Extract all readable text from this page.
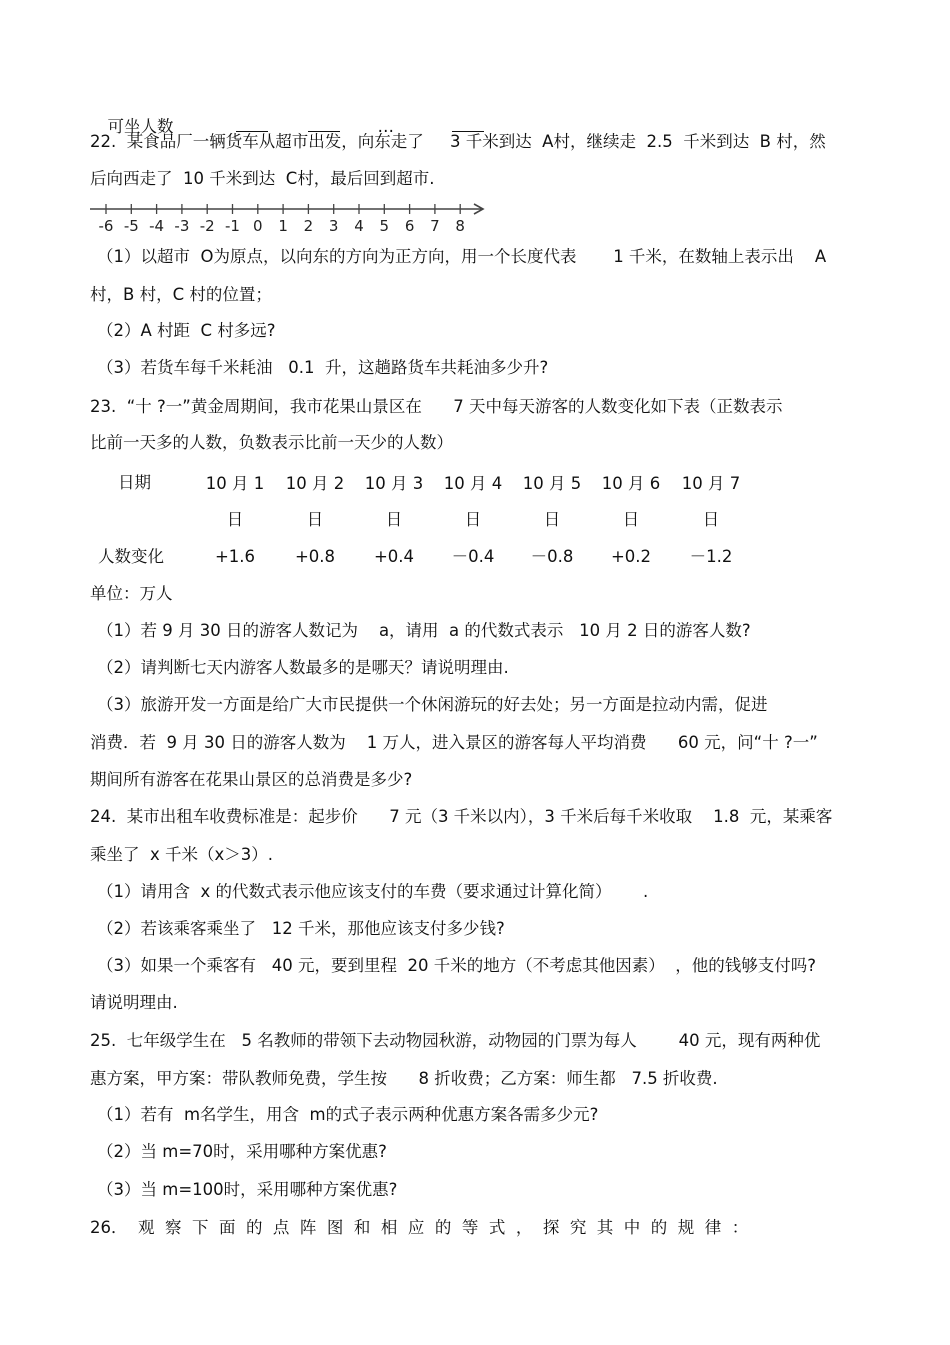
可坐人数	…

22.  某食品厂一辆货车从超市出发，向东走了     3 千米到达  A村，继续走  2.5  千米到达  B 村，然
后向西走了  10 千米到达  C村，最后回到超市.
-6 -5 -4 -3 -2 -1 0 1 2 3 4 5 6 7 8
（1）以超市  O为原点，以向东的方向为正方向，用一个长度代表       1 千米，在数轴上表示出    A
村，B 村，C 村的位置；
（2）A 村距  C 村多远?
（3）若货车每千米耗油   0.1  升，这趟路货车共耗油多少升?
23.  “十 ?一”黄金周期间，我市花果山景区在      7 天中每天游客的人数变化如下表（正数表示
比前一天多的人数，负数表示比前一天少的人数）
日期	10 月 1 10 月 2 10 月 3 10 月 4 10 月 5 10 月 6 10 月 7
日	日	日	日	日	日	日
人数变化	+1.6	+0.8	+0.4	－0.4	－0.8	+0.2	－1.2
单位：万人
（1）若 9 月 30 日的游客人数记为    a，请用  a 的代数式表示   10 月 2 日的游客人数?
（2）请判断七天内游客人数最多的是哪天？请说明理由.
（3）旅游开发一方面是给广大市民提供一个休闲游玩的好去处；另一方面是拉动内需，促进
消费．若  9 月 30 日的游客人数为    1 万人，进入景区的游客每人平均消费      60 元，问“十 ?一”
期间所有游客在花果山景区的总消费是多少?
24.  某市出租车收费标准是：起步价      7 元（3 千米以内），3 千米后每千米收取    1.8  元，某乘客
乘坐了  x 千米（x＞3）.
（1）请用含  x 的代数式表示他应该支付的车费（要求通过计算化简）      .
（2）若该乘客乘坐了   12 千米，那他应该支付多少钱?
（3）如果一个乘客有   40 元，要到里程  20 千米的地方（不考虑其他因素）  ，他的钱够支付吗?
请说明理由.
25.  七年级学生在   5 名教师的带领下去动物园秋游，动物园的门票为每人        40 元，现有两种优
惠方案，甲方案：带队教师免费，学生按      8 折收费；乙方案：师生都   7.5 折收费.
（1）若有  m名学生，用含  m的式子表示两种优惠方案各需多少元?
（2）当 m=70时，采用哪种方案优惠?
（3）当 m=100时，采用哪种方案优惠?
26．  观  察  下  面  的  点  阵  图  和  相  应  的  等  式  ，  探  究  其  中  的  规  律  ：
